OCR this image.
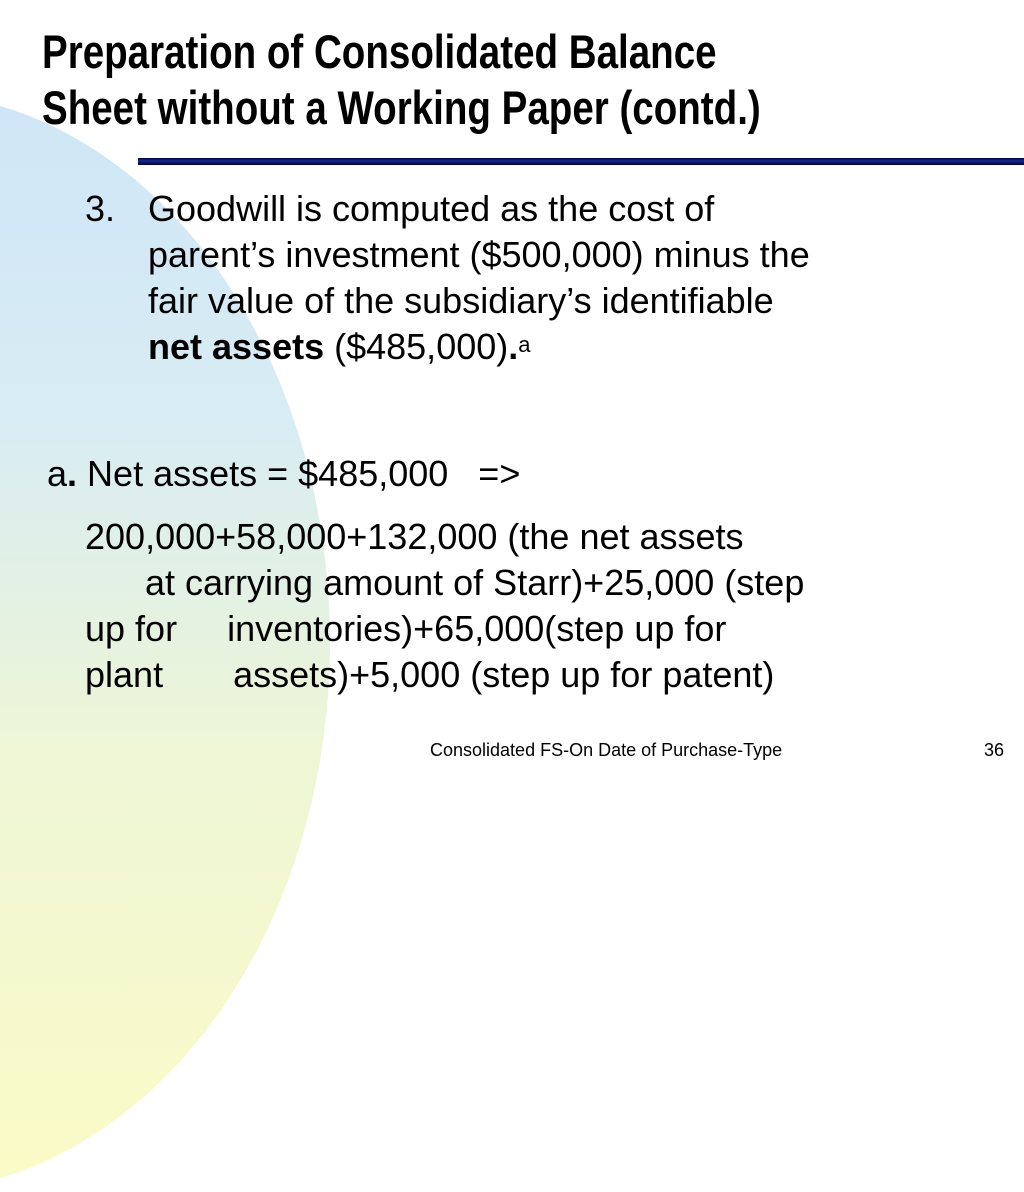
Preparation of Consolidated Balance
Sheet without a Working Paper (contd.)
3. Goodwill is computed as the cost of
parent’s investment ($500,000) minus the
fair value of the subsidiary’s identifiable
net assets ($485,000).$^a$
a. Net assets = $485,000   =>
200,000+58,000+132,000 (the net assets
at carrying amount of Starr)+25,000 (step
up for     inventories)+65,000(step up for
plant       assets)+5,000 (step up for patent)
Consolidated FS-On Date of Purchase-Type	36
